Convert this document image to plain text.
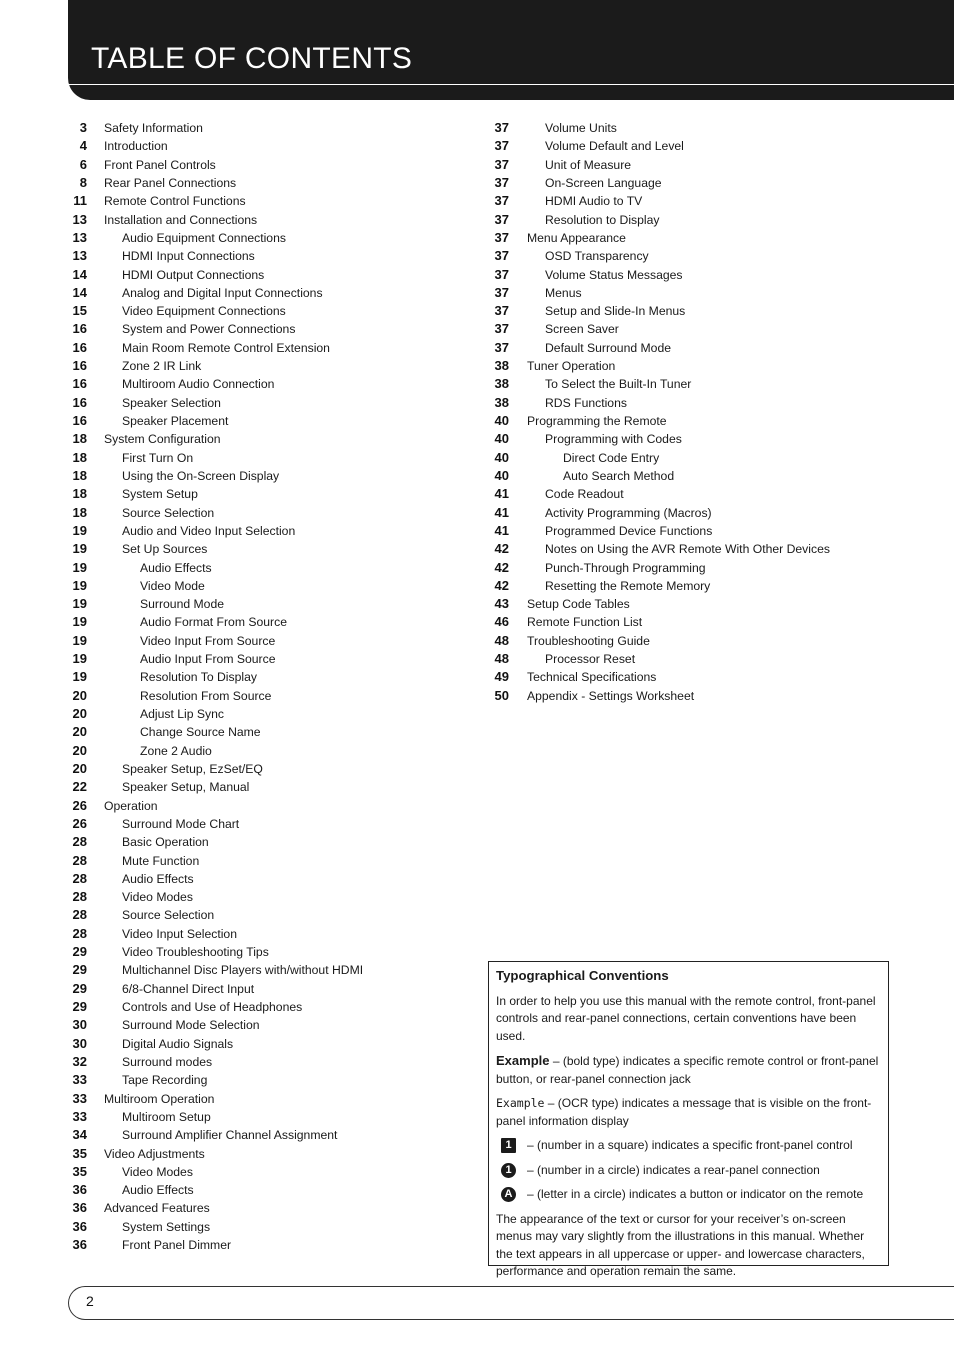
TABLE OF CONTENTS
3 Safety Information
4 Introduction
6 Front Panel Controls
8 Rear Panel Connections
11 Remote Control Functions
13 Installation and Connections
13	Audio Equipment Connections
13	HDMI Input Connections
14	HDMI Output Connections
14	Analog and Digital Input Connections
15	Video Equipment Connections
16	System and Power Connections
16	Main Room Remote Control Extension
16	Zone 2 IR Link
16	Multiroom Audio Connection
16	Speaker Selection
16	Speaker Placement
18 System Configuration
18	First Turn On
18	Using the On-Screen Display
18	System Setup
18	Source Selection
19	Audio and Video Input Selection
19	Set Up Sources
19	Audio Effects
19	Video Mode
19	Surround Mode
19	Audio Format From Source
19	Video Input From Source
19	Audio Input From Source
19	Resolution To Display
20	Resolution From Source
20	Adjust Lip Sync
20	Change Source Name
20	Zone 2 Audio
20	Speaker Setup, EzSet/EQ
22	Speaker Setup, Manual
26 Operation
26	Surround Mode Chart
28	Basic Operation
28	Mute Function
28	Audio Effects
28	Video Modes
28	Source Selection
28	Video Input Selection
29	Video Troubleshooting Tips
29	Multichannel Disc Players with/without HDMI
29	6/8-Channel Direct Input
29	Controls and Use of Headphones
30	Surround Mode Selection
30	Digital Audio Signals
32	Surround modes
33	Tape Recording
33 Multiroom Operation
33	Multiroom Setup
34	Surround Amplifier Channel Assignment
35 Video Adjustments
35	Video Modes
36	Audio Effects
36 Advanced Features
36	System Settings
36	Front Panel Dimmer
37	Volume Units
37	Volume Default and Level
37	Unit of Measure
37	On-Screen Language
37	HDMI Audio to TV
37	Resolution to Display
37 Menu Appearance
37	OSD Transparency
37	Volume Status Messages
37	Menus
37	Setup and Slide-In Menus
37	Screen Saver
37	Default Surround Mode
38 Tuner Operation
38	To Select the Built-In Tuner
38	RDS Functions
40 Programming the Remote
40	Programming with Codes
40	Direct Code Entry
40	Auto Search Method
41	Code Readout
41	Activity Programming (Macros)
41	Programmed Device Functions
42	Notes on Using the AVR Remote With Other Devices
42	Punch-Through Programming
42	Resetting the Remote Memory
43 Setup Code Tables
46 Remote Function List
48 Troubleshooting Guide
48	Processor Reset
49 Technical Specifications
50 Appendix - Settings Worksheet
Typographical Conventions

In order to help you use this manual with the remote control, front-panel controls and rear-panel connections, certain conventions have been used.

Example – (bold type) indicates a specific remote control or front-panel button, or rear-panel connection jack

Example – (OCR type) indicates a message that is visible on the front-panel information display

1	– (number in a square) indicates a specific front-panel control
1	– (number in a circle) indicates a rear-panel connection
A – (letter in a circle) indicates a button or indicator on the remote

The appearance of the text or cursor for your receiver’s on-screen menus may vary slightly from the illustrations in this manual. Whether the text appears in all uppercase or upper- and lowercase characters, performance and operation remain the same.

2
